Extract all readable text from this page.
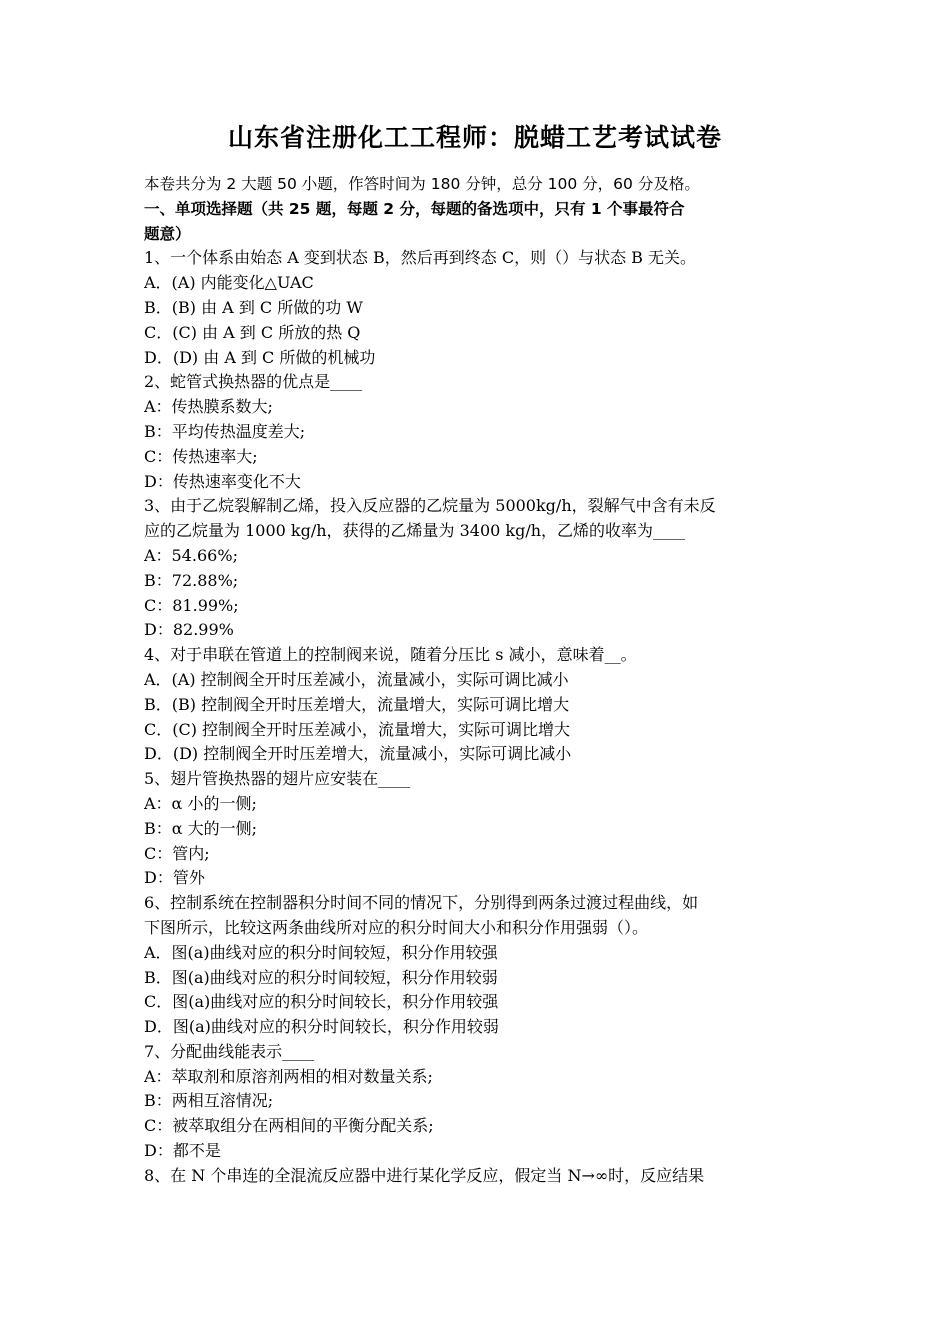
山东省注册化工工程师：脱蜡工艺考试试卷
本卷共分为 2 大题 50 小题，作答时间为 180 分钟，总分 100 分，60 分及格。
一、单项选择题（共 25 题，每题 2 分，每题的备选项中，只有 1 个事最符合
题意）
1、一个体系由始态 A 变到状态 B，然后再到终态 C，则（）与状态 B 无关。
A．(A) 内能变化△UAC
B．(B) 由 A 到 C 所做的功 W
C．(C) 由 A 到 C 所放的热 Q
D．(D) 由 A 到 C 所做的机械功
2、蛇管式换热器的优点是____
A：传热膜系数大;
B：平均传热温度差大;
C：传热速率大;
D：传热速率变化不大
3、由于乙烷裂解制乙烯，投入反应器的乙烷量为 5000kg/h，裂解气中含有未反
应的乙烷量为 1000 kg/h，获得的乙烯量为 3400 kg/h，乙烯的收率为____
A：54.66%;
B：72.88%;
C：81.99%;
D：82.99%
4、对于串联在管道上的控制阀来说，随着分压比 s 减小，意味着__。
A．(A) 控制阀全开时压差减小，流量减小，实际可调比减小
B．(B) 控制阀全开时压差增大，流量增大，实际可调比增大
C．(C) 控制阀全开时压差减小，流量增大，实际可调比增大
D．(D) 控制阀全开时压差增大，流量减小，实际可调比减小
5、翅片管换热器的翅片应安装在____
A：α 小的一侧;
B：α 大的一侧;
C：管内;
D：管外
6、控制系统在控制器积分时间不同的情况下，分别得到两条过渡过程曲线，如
下图所示，比较这两条曲线所对应的积分时间大小和积分作用强弱（）。
A．图(a)曲线对应的积分时间较短，积分作用较强
B．图(a)曲线对应的积分时间较短，积分作用较弱
C．图(a)曲线对应的积分时间较长，积分作用较强
D．图(a)曲线对应的积分时间较长，积分作用较弱
7、分配曲线能表示____
A：萃取剂和原溶剂两相的相对数量关系;
B：两相互溶情况;
C：被萃取组分在两相间的平衡分配关系;
D：都不是
8、在 N 个串连的全混流反应器中进行某化学反应，假定当 N→∞时，反应结果
